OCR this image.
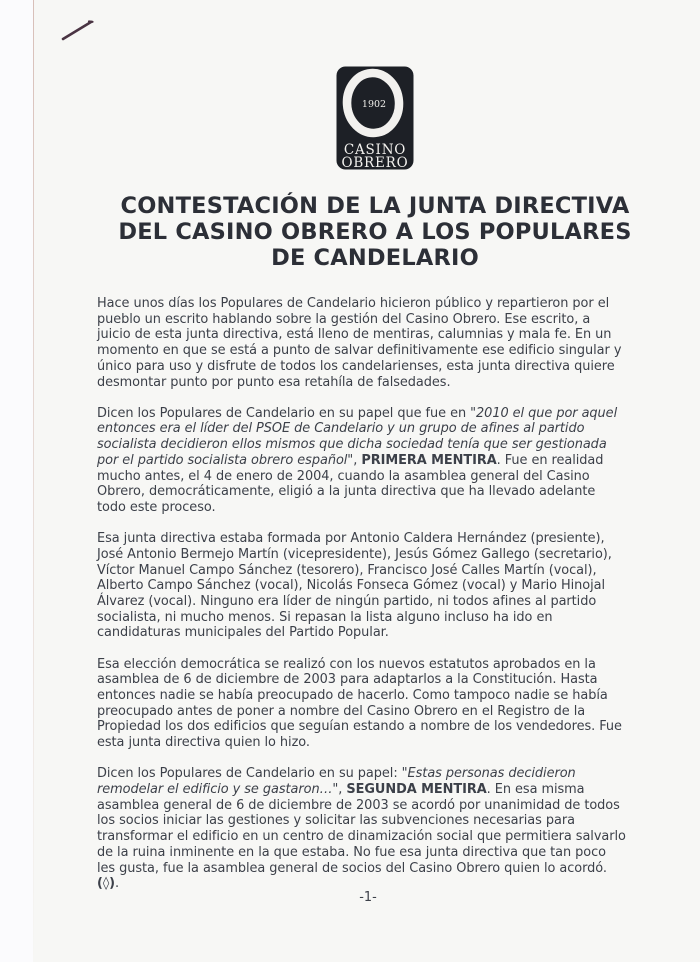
1902
CASINO
OBRERO
CONTESTACIÓN DE LA JUNTA DIRECTIVA
DEL CASINO OBRERO A LOS POPULARES
DE CANDELARIO

Hace unos días los Populares de Candelario hicieron público y repartieron por el pueblo un escrito hablando sobre la gestión del Casino Obrero. Ese escrito, a juicio de esta junta directiva, está lleno de mentiras, calumnias y mala fe. En un momento en que se está a punto de salvar definitivamente ese edificio singular y único para uso y disfrute de todos los candelarienses, esta junta directiva quiere desmontar punto por punto esa retahíla de falsedades.

Dicen los Populares de Candelario en su papel que fue en "2010 el que por aquel entonces era el líder del PSOE de Candelario y un grupo de afines al partido socialista decidieron ellos mismos que dicha sociedad tenía que ser gestionada por el partido socialista obrero español", PRIMERA MENTIRA. Fue en realidad mucho antes, el 4 de enero de 2004, cuando la asamblea general del Casino Obrero, democráticamente, eligió a la junta directiva que ha llevado adelante todo este proceso.

Esa junta directiva estaba formada por Antonio Caldera Hernández (presiente), José Antonio Bermejo Martín (vicepresidente), Jesús Gómez Gallego (secretario), Víctor Manuel Campo Sánchez (tesorero), Francisco José Calles Martín (vocal), Alberto Campo Sánchez (vocal), Nicolás Fonseca Gómez (vocal) y Mario Hinojal Álvarez (vocal). Ninguno era líder de ningún partido, ni todos afines al partido socialista, ni mucho menos. Si repasan la lista alguno incluso ha ido en candidaturas municipales del Partido Popular.

Esa elección democrática se realizó con los nuevos estatutos aprobados en la asamblea de 6 de diciembre de 2003 para adaptarlos a la Constitución. Hasta entonces nadie se había preocupado de hacerlo. Como tampoco nadie se había preocupado antes de poner a nombre del Casino Obrero en el Registro de la Propiedad los dos edificios que seguían estando a nombre de los vendedores. Fue esta junta directiva quien lo hizo.

Dicen los Populares de Candelario en su papel: "Estas personas decidieron remodelar el edificio y se gastaron…", SEGUNDA MENTIRA. En esa misma asamblea general de 6 de diciembre de 2003 se acordó por unanimidad de todos los socios iniciar las gestiones y solicitar las subvenciones necesarias para transformar el edificio en un centro de dinamización social que permitiera salvarlo de la ruina inminente en la que estaba. No fue esa junta directiva que tan poco les gusta, fue la asamblea general de socios del Casino Obrero quien lo acordó. (◊).

-1-
